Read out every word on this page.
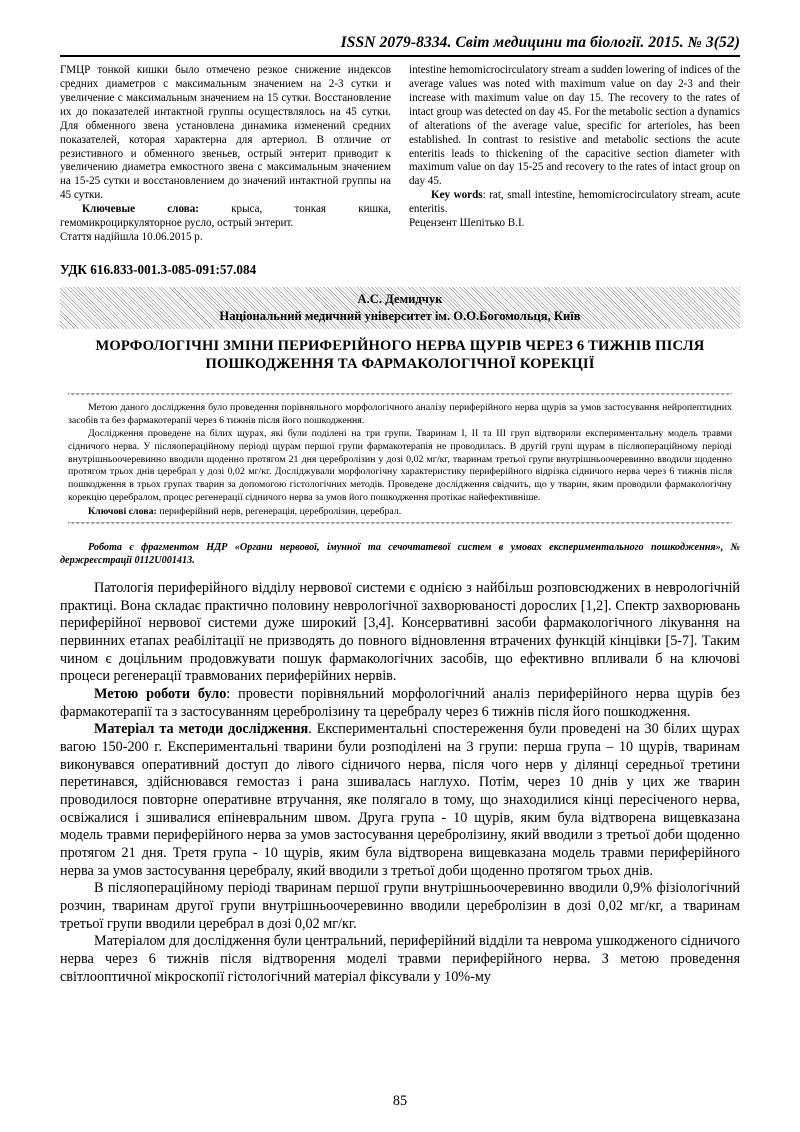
ISSN 2079-8334. Світ медицини та біології. 2015. № 3(52)

ГМЦР тонкой кишки было отмечено резкое снижение индексов средних диаметров с максимальным значением на 2-3 сутки и увеличение с максимальным значением на 15 сутки. Восстановление их до показателей интактной группы осуществлялось на 45 сутки. Для обменного звена установлена динамика изменений средних показателей, которая характерна для артериол. В отличие от резистивного и обменного звеньев, острый энтерит приводит к увеличению диаметра емкостного звена с максимальным значением на 15-25 сутки и восстановлением до значений интактной группы на 45 сутки.

Ключевые слова: крыса, тонкая кишка, гемомикроциркуляторное русло, острый энтерит.

Стаття надійшла 10.06.2015 р.

intestine hemomicrocirculatory stream a sudden lowering of indices of the average values was noted with maximum value on day 2-3 and their increase with maximum value on day 15. The recovery to the rates of intact group was detected on day 45. For the metabolic section a dynamics of alterations of the average value, specific for arterioles, has been established. In contrast to resistive and metabolic sections the acute enteritis leads to thickening of the capacitive section diameter with maximum value on day 15-25 and recovery to the rates of intact group on day 45.

Key words: rat, small intestine, hemomicrocirculatory stream, acute enteritis.

Рецензент Шепітько В.І.

УДК 616.833-001.3-085-091:57.084
А.С. Демидчук
Національний медичний університет ім. О.О.Богомольця, Київ
МОРФОЛОГІЧНІ ЗМІНИ ПЕРИФЕРІЙНОГО НЕРВА ЩУРІВ ЧЕРЕЗ 6 ТИЖНІВ ПІСЛЯ ПОШКОДЖЕННЯ ТА ФАРМАКОЛОГІЧНОЇ КОРЕКЦІЇ

Метою даного дослідження було проведення порівняльного морфологічного аналізу периферійного нерва щурів за умов застосування нейропептидних засобів та без фармакотерапії через 6 тижнів після його пошкодження.

Дослідження проведене на білих щурах, які були поділені на три групи. Тваринам І, ІІ та ІІІ груп відтворили експериментальну модель травми сідничого нерва. У післяопераційному періоді щурам першої групи фармакотерапія не проводилась. В другій групі щурам в післяопераційному періоді внутрішньоочеревинно вводили щоденно протягом 21 дня церебролізин у дозі 0,02 мг/кг, тваринам третьої групи внутрішньоочеревинно вводили щоденно протягом трьох днів церебрал у дозі 0,02 мг/кг. Досліджували морфологічну характеристику периферійного відрізка сідничого нерва через 6 тижнів після пошкодження в трьох групах тварин за допомогою гістологічних методів. Проведене дослідження свідчить, що у тварин, яким проводили фармакологічну корекцію церебралом, процес регенерації сідничого нерва за умов його пошкодження протікає найефективніше.

Ключові слова: периферійний нерв, регенерація, церебролізин, церебрал.

Робота є фрагментом НДР «Органи нервової, імунної та сечочтатевої систем в умовах експериментального пошкодження», № держреєстрації 0112U001413.

Патологія периферійного відділу нервової системи є однією з найбільш розповсюджених в неврологічній практиці. Вона складає практично половину неврологічної захворюваності дорослих [1,2]. Спектр захворювань периферійної нервової системи дуже широкий [3,4]. Консервативні засоби фармакологічного лікування на первинних етапах реабілітації не призводять до повного відновлення втрачених функцій кінцівки [5-7]. Таким чином є доцільним продовжувати пошук фармакологічних засобів, що ефективно впливали б на ключові процеси регенерації травмованих периферійних нервів.

Метою роботи було: провести порівняльний морфологічний аналіз периферійного нерва щурів без фармакотерапії та з застосуванням церебролізину та церебралу через 6 тижнів після його пошкодження.

Матеріал та методи дослідження. Експериментальні спостереження були проведені на 30 білих щурах вагою 150-200 г. Експериментальні тварини були розподілені на 3 групи: перша група – 10 щурів, тваринам виконувався оперативний доступ до лівого сідничого нерва, після чого нерв у ділянці середньої третини перетинався, здійснювався гемостаз і рана зшивалась наглухо. Потім, через 10 днів у цих же тварин проводилося повторне оперативне втручання, яке полягало в тому, що знаходилися кінці пересіченого нерва, освіжалися і зшивалися епіневральним швом. Друга група - 10 щурів, яким була відтворена вищевказана модель травми периферійного нерва за умов застосування церебролізину, який вводили з третьої доби щоденно протягом 21 дня. Третя група - 10 щурів, яким була відтворена вищевказана модель травми периферійного нерва за умов застосування церебралу, який вводили з третьої доби щоденно протягом трьох днів.

В післяопераційному періоді тваринам першої групи внутрішньоочеревинно вводили 0,9% фізіологічний розчин, тваринам другої групи внутрішньоочеревинно вводили церебролізин в дозі 0,02 мг/кг, а тваринам третьої групи вводили церебрал в дозі 0,02 мг/кг.

Матеріалом для дослідження були центральний, периферійний відділи та неврома ушкодженого сідничого нерва через 6 тижнів після відтворення моделі травми периферійного нерва. З метою проведення світлооптичної мікроскопії гістологічний матеріал фіксували у 10%-му

85
